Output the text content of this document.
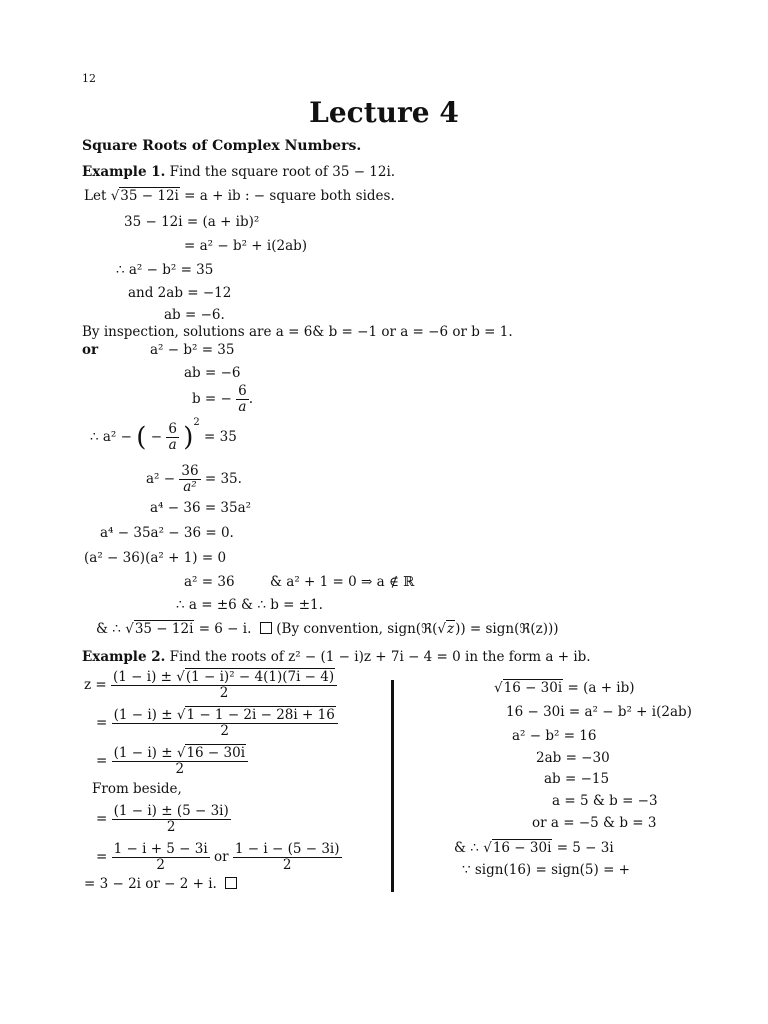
12
Lecture 4
Square Roots of Complex Numbers.
Example 1. Find the square root of 35 − 12i.
Let √35 − 12i = a + ib : − square both sides.
35 − 12i = (a + ib)²
= a² − b² + i(2ab)
∴ a² − b² = 35
and 2ab = −12
ab = −6.
By inspection, solutions are a = 6& b = −1 or a = −6 or b = 1.
or	a² − b² = 35
ab = −6
b = − $\frac{6}{a}$ .
∴ a² − ( − $\frac{6}{a} )^2 = 35$
$a^2 - \frac{36}{\text{a²}} = 35$.
a⁴ − 36 = 35a²
a⁴ − 35a² − 36 = 0.
(a² − 36)(a² + 1) = 0
a² = 36	& a² + 1 = 0 ⇒ a ∉ ℝ
∴ a = ±6 & ∴ b = ±1.
& ∴ √35 − 12i = 6 − i. (By convention, sign(ℜ(√z)) = sign(ℜ(z)))
Example 2. Find the roots of z² − (1 − i)z + 7i − 4 = 0 in the form a + ib.
$z = \frac{\text{(1 − i) ± √(1 − i)² − 4(1)(7i − 4)}}{2}$
= $\frac{(1 - i) \pm √1 - 1 - 2i - 28i + 16}{2}$
= $\frac{(1 - i) \pm √16 - 30i}{2}$
From beside,
= $\frac{(1 - i) \pm (5 - 3i)}{2}$
= $\frac{1 - i + 5 - 3i}{2}$ or $\frac{1 - i - (5 - 3i)}{2}$
= 3 − 2i or − 2 + i.
√16 − 30i = (a + ib)
16 − 30i = a² − b² + i(2ab)
a² − b² = 16
2ab = −30
ab = −15
a = 5 & b = −3
or a = −5 & b = 3
& ∴ √16 − 30i = 5 − 3i
∵ sign(16) = sign(5) = +
